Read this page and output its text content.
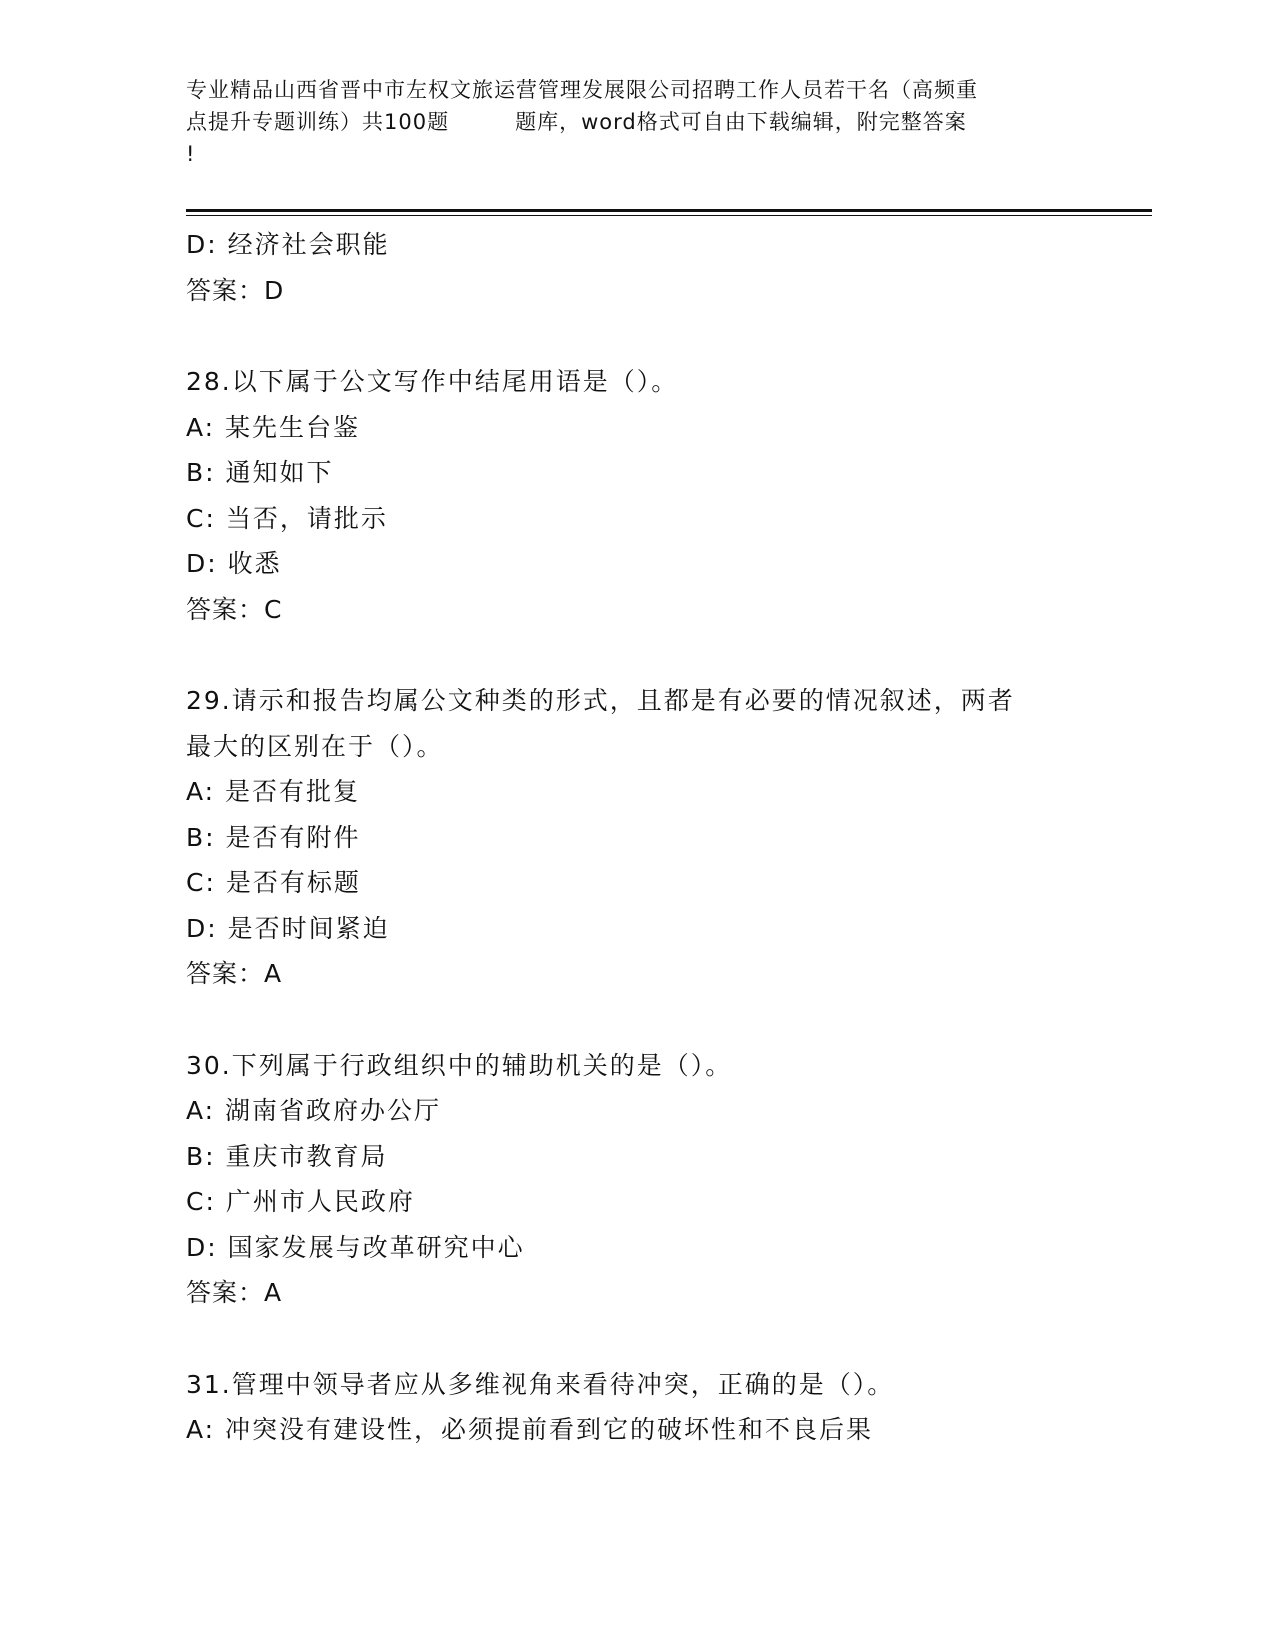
专业精品山西省晋中市左权文旅运营管理发展限公司招聘工作人员若干名（高频重
点提升专题训练）共100题　　　题库，word格式可自由下载编辑，附完整答案
!
D: 经济社会职能
答案：D
28.以下属于公文写作中结尾用语是（）。
A: 某先生台鉴
B: 通知如下
C: 当否，请批示
D: 收悉
答案：C
29.请示和报告均属公文种类的形式，且都是有必要的情况叙述，两者
最大的区别在于（）。
A: 是否有批复
B: 是否有附件
C: 是否有标题
D: 是否时间紧迫
答案：A
30.下列属于行政组织中的辅助机关的是（）。
A: 湖南省政府办公厅
B: 重庆市教育局
C: 广州市人民政府
D: 国家发展与改革研究中心
答案：A
31.管理中领导者应从多维视角来看待冲突，正确的是（）。
A: 冲突没有建设性，必须提前看到它的破坏性和不良后果
